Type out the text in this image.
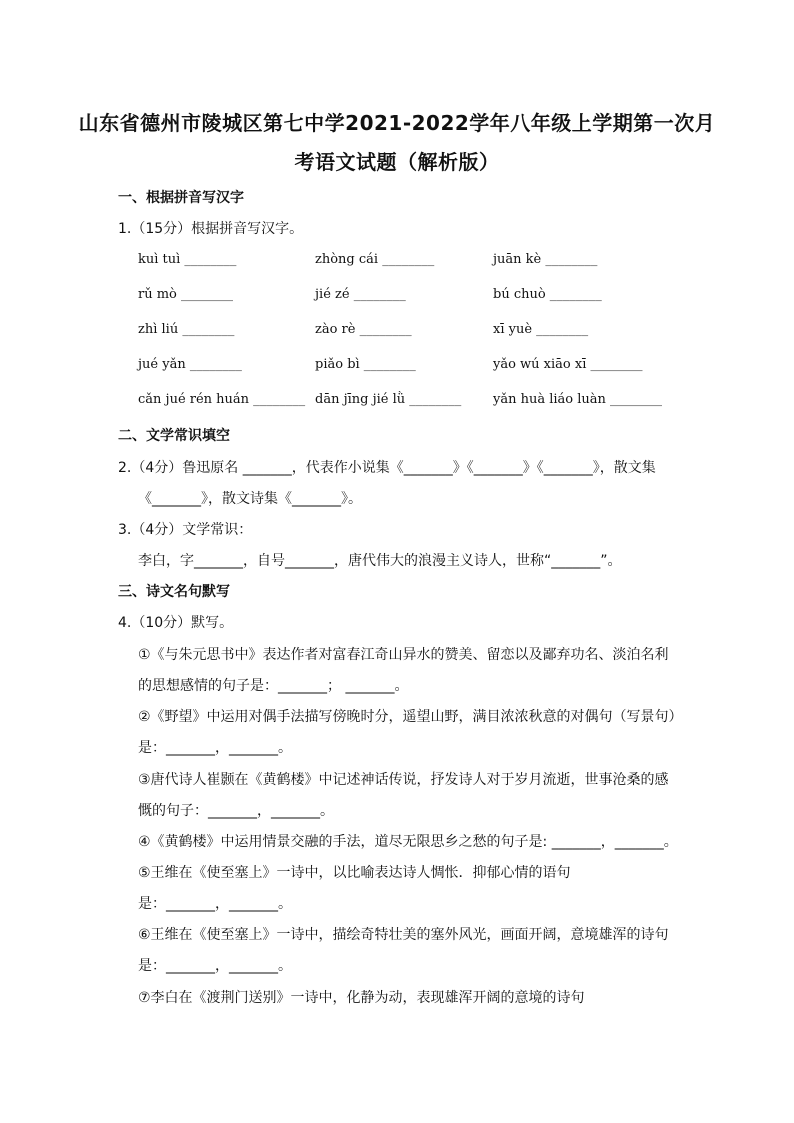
山东省德州市陵城区第七中学2021-2022学年八年级上学期第一次月
考语文试题（解析版）
一、根据拼音写汉字
1.（15分）根据拼音写汉字。
kuì tuì ________	zhòng cái ________	juān kè ________
rǔ mò ________	jié zé ________	bú chuò ________
zhì liú ________	zào rè ________	xī yuè ________
jué yǎn ________	piǎo bì ________	yǎo wú xiāo xī ________
cǎn jué rén huán ________ dān jīng jié lǜ ________ yǎn huà liáo luàn ________
二、文学常识填空
2.（4分）鲁迅原名 _______，代表作小说集《_______》《_______》《_______》，散文集
《_______》，散文诗集《_______》。
3.（4分）文学常识：
李白，字_______，自号_______，唐代伟大的浪漫主义诗人，世称“_______”。
三、诗文名句默写
4.（10分）默写。
①《与朱元思书中》表达作者对富春江奇山异水的赞美、留恋以及鄙弃功名、淡泊名利
的思想感情的句子是：_______； _______。
②《野望》中运用对偶手法描写傍晚时分，遥望山野，满目浓浓秋意的对偶句（写景句）
是：_______，_______。
③唐代诗人崔颢在《黄鹤楼》中记述神话传说，抒发诗人对于岁月流逝，世事沧桑的感
慨的句子：_______，_______。
④《黄鹤楼》中运用情景交融的手法，道尽无限思乡之愁的句子是: _______，_______。
⑤王维在《使至塞上》一诗中，以比喻表达诗人惆怅．抑郁心情的语句
是：_______，_______。
⑥王维在《使至塞上》一诗中，描绘奇特壮美的塞外风光，画面开阔，意境雄浑的诗句
是：_______，_______。
⑦李白在《渡荆门送别》一诗中，化静为动，表现雄浑开阔的意境的诗句
